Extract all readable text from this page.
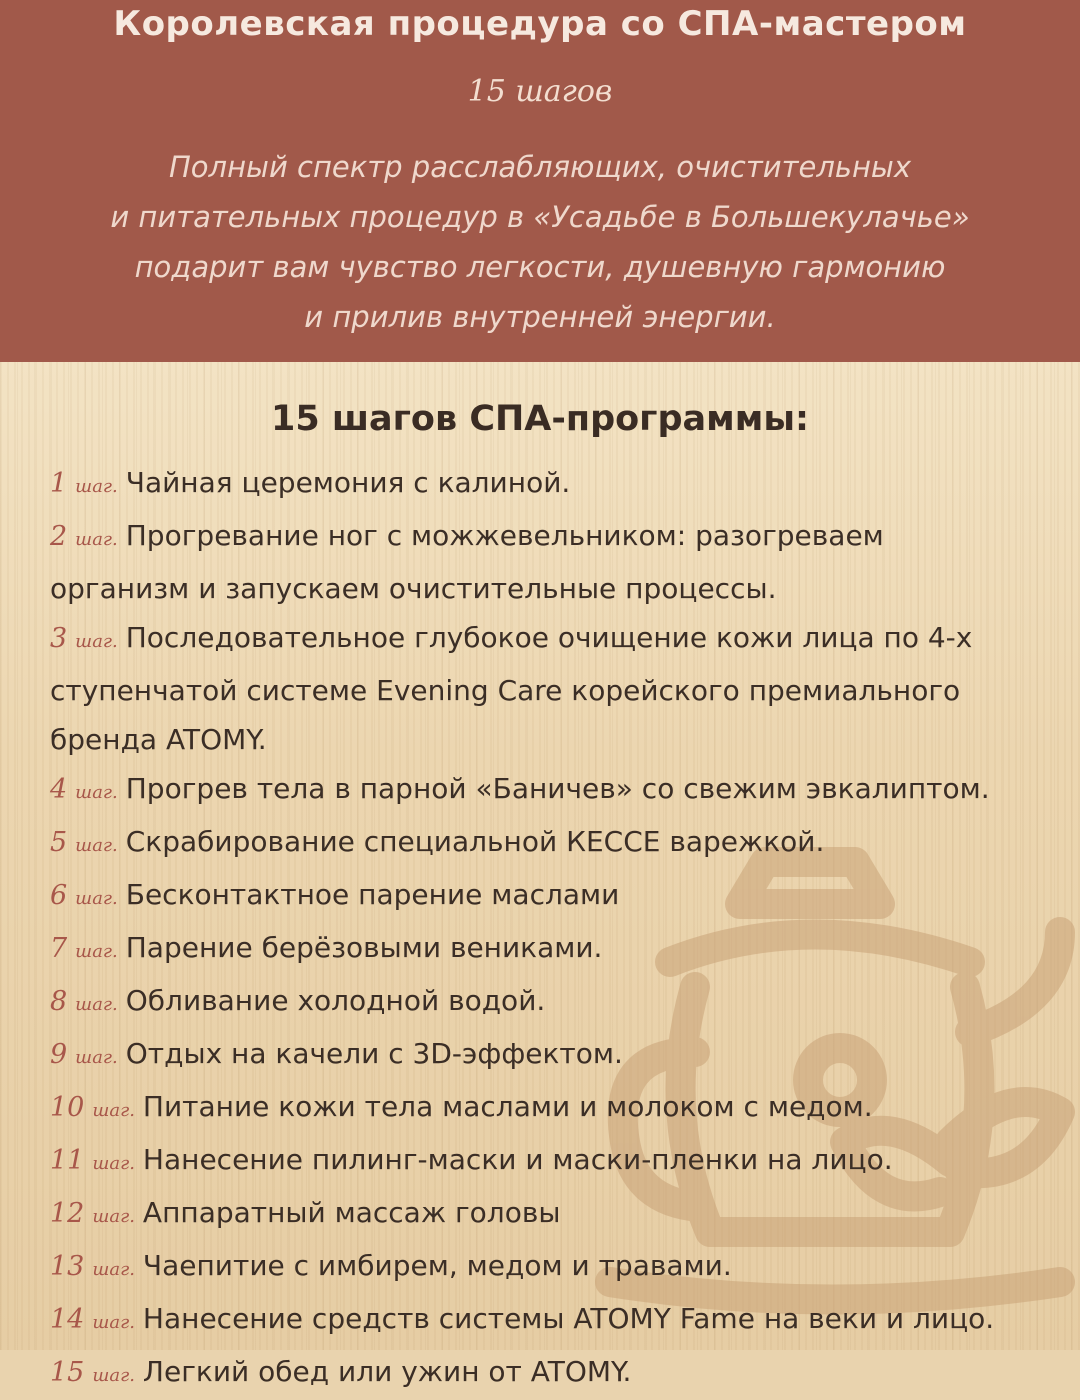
Королевская процедура со СПА-мастером
15 шагов
Полный спектр расслабляющих, очистительных
и питательных процедур в «Усадьбе в Большекулачье»
подарит вам чувство легкости, душевную гармонию
и прилив внутренней энергии.
15 шагов СПА-программы:
1 шаг. Чайная церемония с калиной.
2 шаг. Прогревание ног с можжевельником: разогреваем
организм и запускаем очистительные процессы.
3 шаг. Последовательное глубокое очищение кожи лица по 4-х
ступенчатой системе Evening Care корейского премиального
бренда ATOMY.
4 шаг. Прогрев тела в парной «Баничев» со свежим эвкалиптом.
5 шаг. Скрабирование специальной КЕССЕ варежкой.
6 шаг. Бесконтактное парение маслами
7 шаг. Парение берёзовыми вениками.
8 шаг. Обливание холодной водой.
9 шаг. Отдых на качели с 3D-эффектом.
10 шаг. Питание кожи тела маслами и молоком с медом.
11 шаг. Нанесение пилинг-маски и маски-пленки на лицо.
12 шаг. Аппаратный массаж головы
13 шаг. Чаепитие с имбирем, медом и травами.
14 шаг. Нанесение средств системы ATOMY Fame на веки и лицо.
15 шаг. Легкий обед или ужин от ATOMY.
